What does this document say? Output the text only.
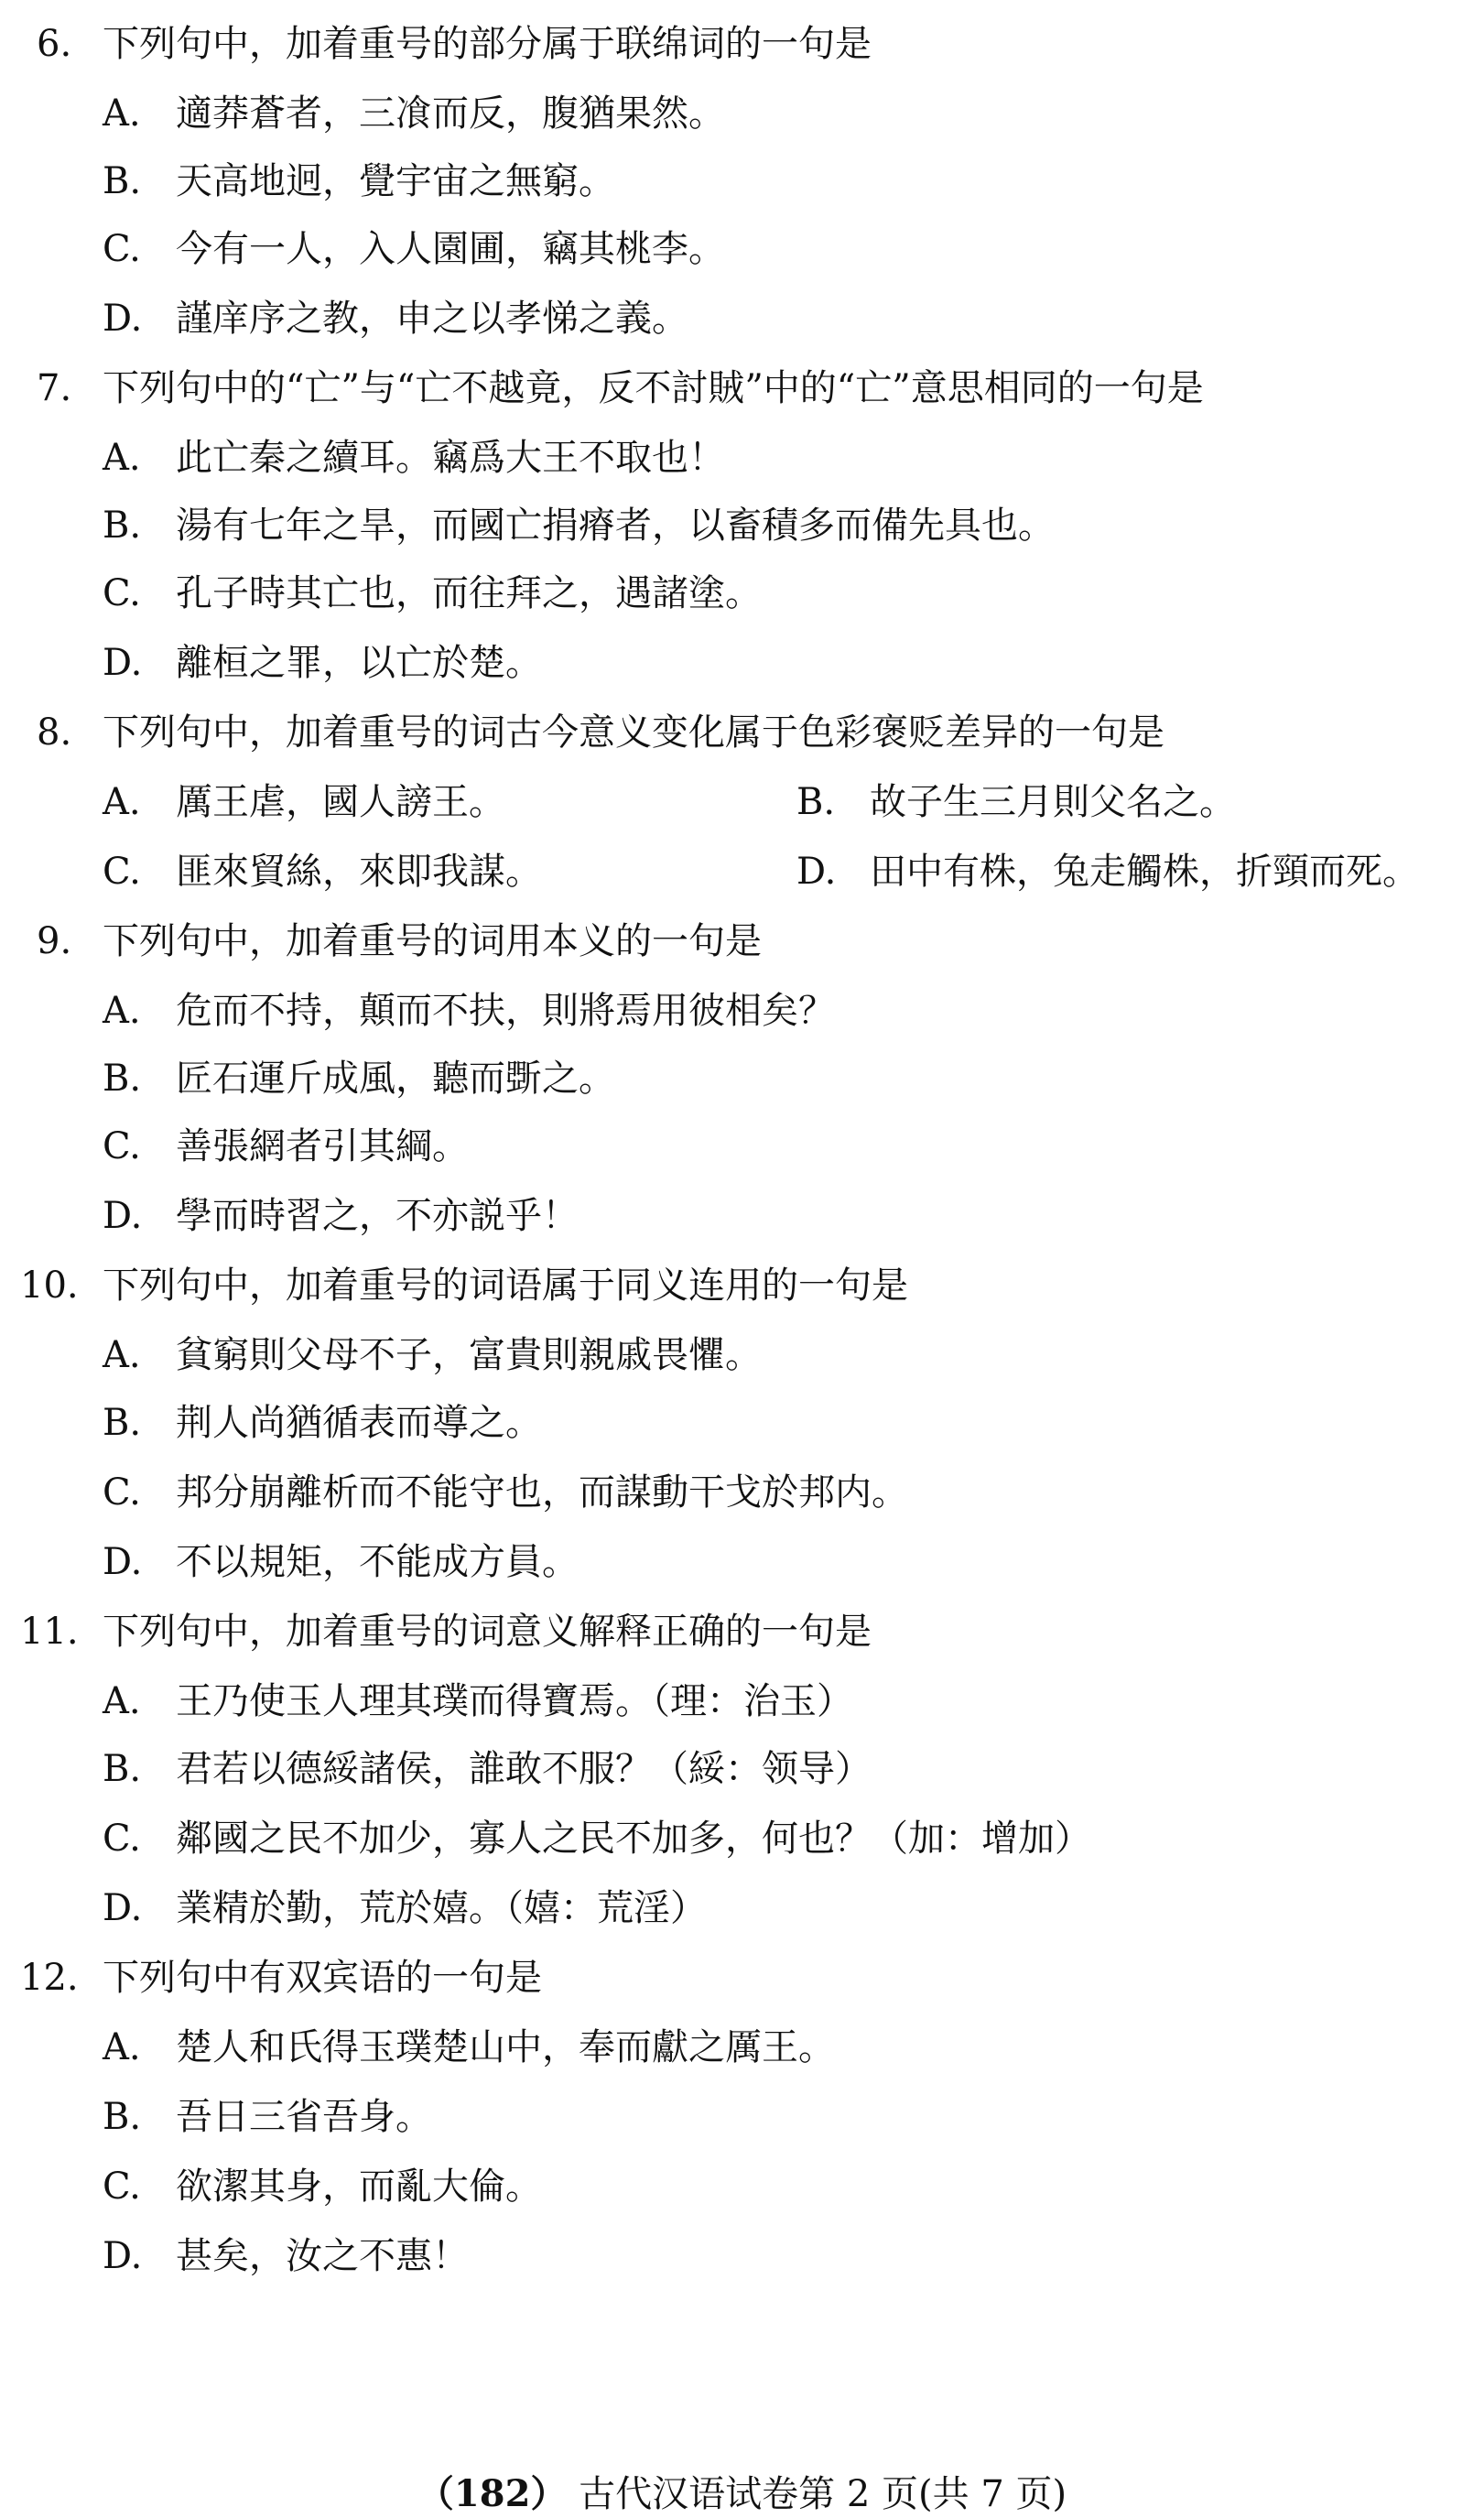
6. 下列句中，加着重号的部分属于联绵词的一句是
A. 適莽蒼者，三飡而反，腹猶果然。
B. 天高地迥，覺宇宙之無窮。
C. 今有一人，入人園圃，竊其桃李。
D. 謹庠序之教，申之以孝悌之義。
7. 下列句中的“亡”与“亡不越竟，反不討賊”中的“亡”意思相同的一句是
A. 此亡秦之續耳。竊爲大王不取也！
B. 湯有七年之旱，而國亡捐瘠者，以畜積多而備先具也。
C. 孔子時其亡也，而往拜之，遇諸塗。
D. 離桓之罪，以亡於楚。
8. 下列句中，加着重号的词古今意义变化属于色彩褒贬差异的一句是
A. 厲王虐，國人謗王。	B. 故子生三月則父名之。
C. 匪來貿絲，來即我謀。	D. 田中有株，兔走觸株，折頸而死。
9. 下列句中，加着重号的词用本义的一句是
A. 危而不持，顛而不扶，則將焉用彼相矣？
B. 匠石運斤成風，聽而斲之。
C. 善張網者引其綱。
D. 學而時習之，不亦説乎！
10. 下列句中，加着重号的词语属于同义连用的一句是
A. 貧窮則父母不子，富貴則親戚畏懼。
B. 荆人尚猶循表而導之。
C. 邦分崩離析而不能守也，而謀動干戈於邦内。
D. 不以規矩，不能成方員。
11. 下列句中，加着重号的词意义解释正确的一句是
A. 王乃使玉人理其璞而得寶焉。（理：治玉）
B. 君若以德綏諸侯，誰敢不服？（綏：领导）
C. 鄰國之民不加少，寡人之民不加多，何也？（加：增加）
D. 業精於勤，荒於嬉。（嬉：荒淫）
12. 下列句中有双宾语的一句是
A. 楚人和氏得玉璞楚山中，奉而獻之厲王。
B. 吾日三省吾身。
C. 欲潔其身，而亂大倫。
D. 甚矣，汝之不惠！
（182） 古代汉语试卷第 2 页(共 7 页)
